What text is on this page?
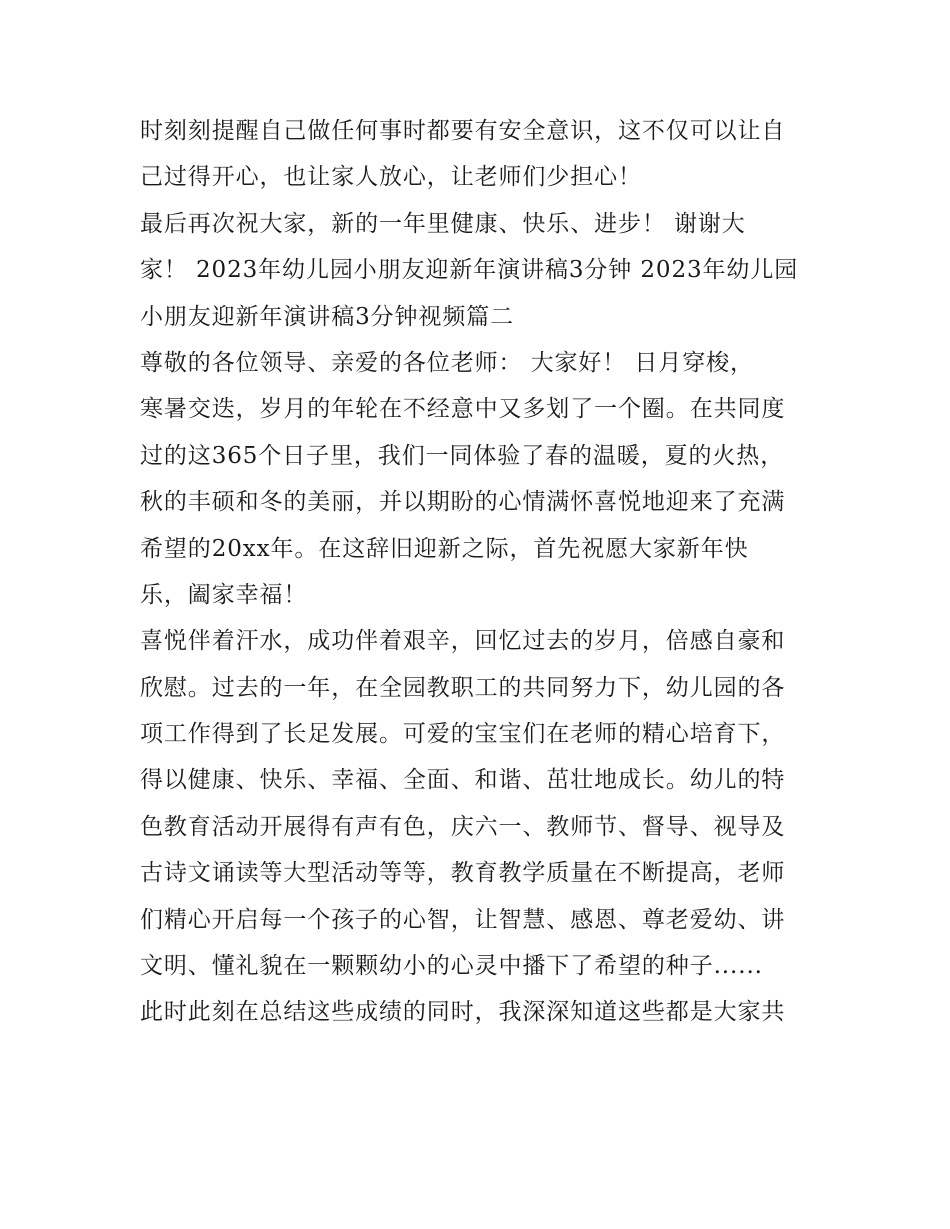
时刻刻提醒自己做任何事时都要有安全意识，这不仅可以让自
己过得开心，也让家人放心，让老师们少担心！
最后再次祝大家，新的一年里健康、快乐、进步！ 谢谢大
家！ 2023年幼儿园小朋友迎新年演讲稿3分钟 2023年幼儿园
小朋友迎新年演讲稿3分钟视频篇二
尊敬的各位领导、亲爱的各位老师： 大家好！ 日月穿梭，
寒暑交迭，岁月的年轮在不经意中又多划了一个圈。在共同度
过的这365个日子里，我们一同体验了春的温暖，夏的火热，
秋的丰硕和冬的美丽，并以期盼的心情满怀喜悦地迎来了充满
希望的20xx年。在这辞旧迎新之际，首先祝愿大家新年快
乐，阖家幸福！
喜悦伴着汗水，成功伴着艰辛，回忆过去的岁月，倍感自豪和
欣慰。过去的一年，在全园教职工的共同努力下，幼儿园的各
项工作得到了长足发展。可爱的宝宝们在老师的精心培育下，
得以健康、快乐、幸福、全面、和谐、茁壮地成长。幼儿的特
色教育活动开展得有声有色，庆六一、教师节、督导、视导及
古诗文诵读等大型活动等等，教育教学质量在不断提高，老师
们精心开启每一个孩子的心智，让智慧、感恩、尊老爱幼、讲
文明、懂礼貌在一颗颗幼小的心灵中播下了希望的种子......
此时此刻在总结这些成绩的同时，我深深知道这些都是大家共
